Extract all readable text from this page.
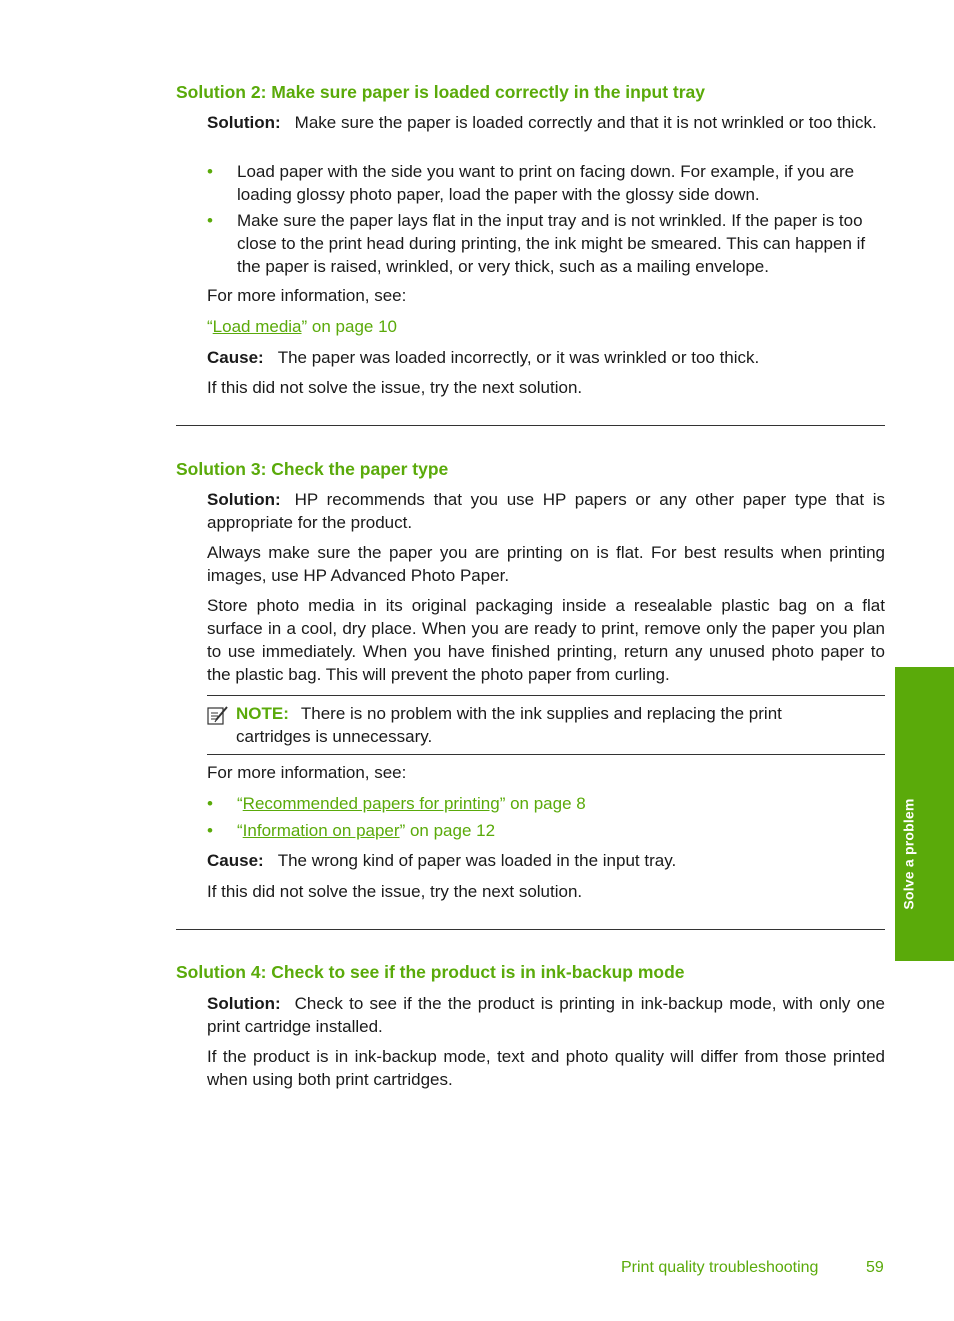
Solution 2: Make sure paper is loaded correctly in the input tray

Solution: Make sure the paper is loaded correctly and that it is not wrinkled or too thick.

• Load paper with the side you want to print on facing down. For example, if you are loading glossy photo paper, load the paper with the glossy side down.
• Make sure the paper lays flat in the input tray and is not wrinkled. If the paper is too close to the print head during printing, the ink might be smeared. This can happen if the paper is raised, wrinkled, or very thick, such as a mailing envelope.

For more information, see:

“Load media” on page 10

Cause: The paper was loaded incorrectly, or it was wrinkled or too thick.

If this did not solve the issue, try the next solution.

Solution 3: Check the paper type

Solution: HP recommends that you use HP papers or any other paper type that is appropriate for the product.

Always make sure the paper you are printing on is flat. For best results when printing images, use HP Advanced Photo Paper.

Store photo media in its original packaging inside a resealable plastic bag on a flat surface in a cool, dry place. When you are ready to print, remove only the paper you plan to use immediately. When you have finished printing, return any unused photo paper to the plastic bag. This will prevent the photo paper from curling.

NOTE: There is no problem with the ink supplies and replacing the print cartridges is unnecessary.

For more information, see:

• “Recommended papers for printing” on page 8
• “Information on paper” on page 12

Cause: The wrong kind of paper was loaded in the input tray.

If this did not solve the issue, try the next solution.

Solution 4: Check to see if the product is in ink-backup mode

Solution: Check to see if the the product is printing in ink-backup mode, with only one print cartridge installed.

If the product is in ink-backup mode, text and photo quality will differ from those printed when using both print cartridges.

Solve a problem
Print quality troubleshooting	59
